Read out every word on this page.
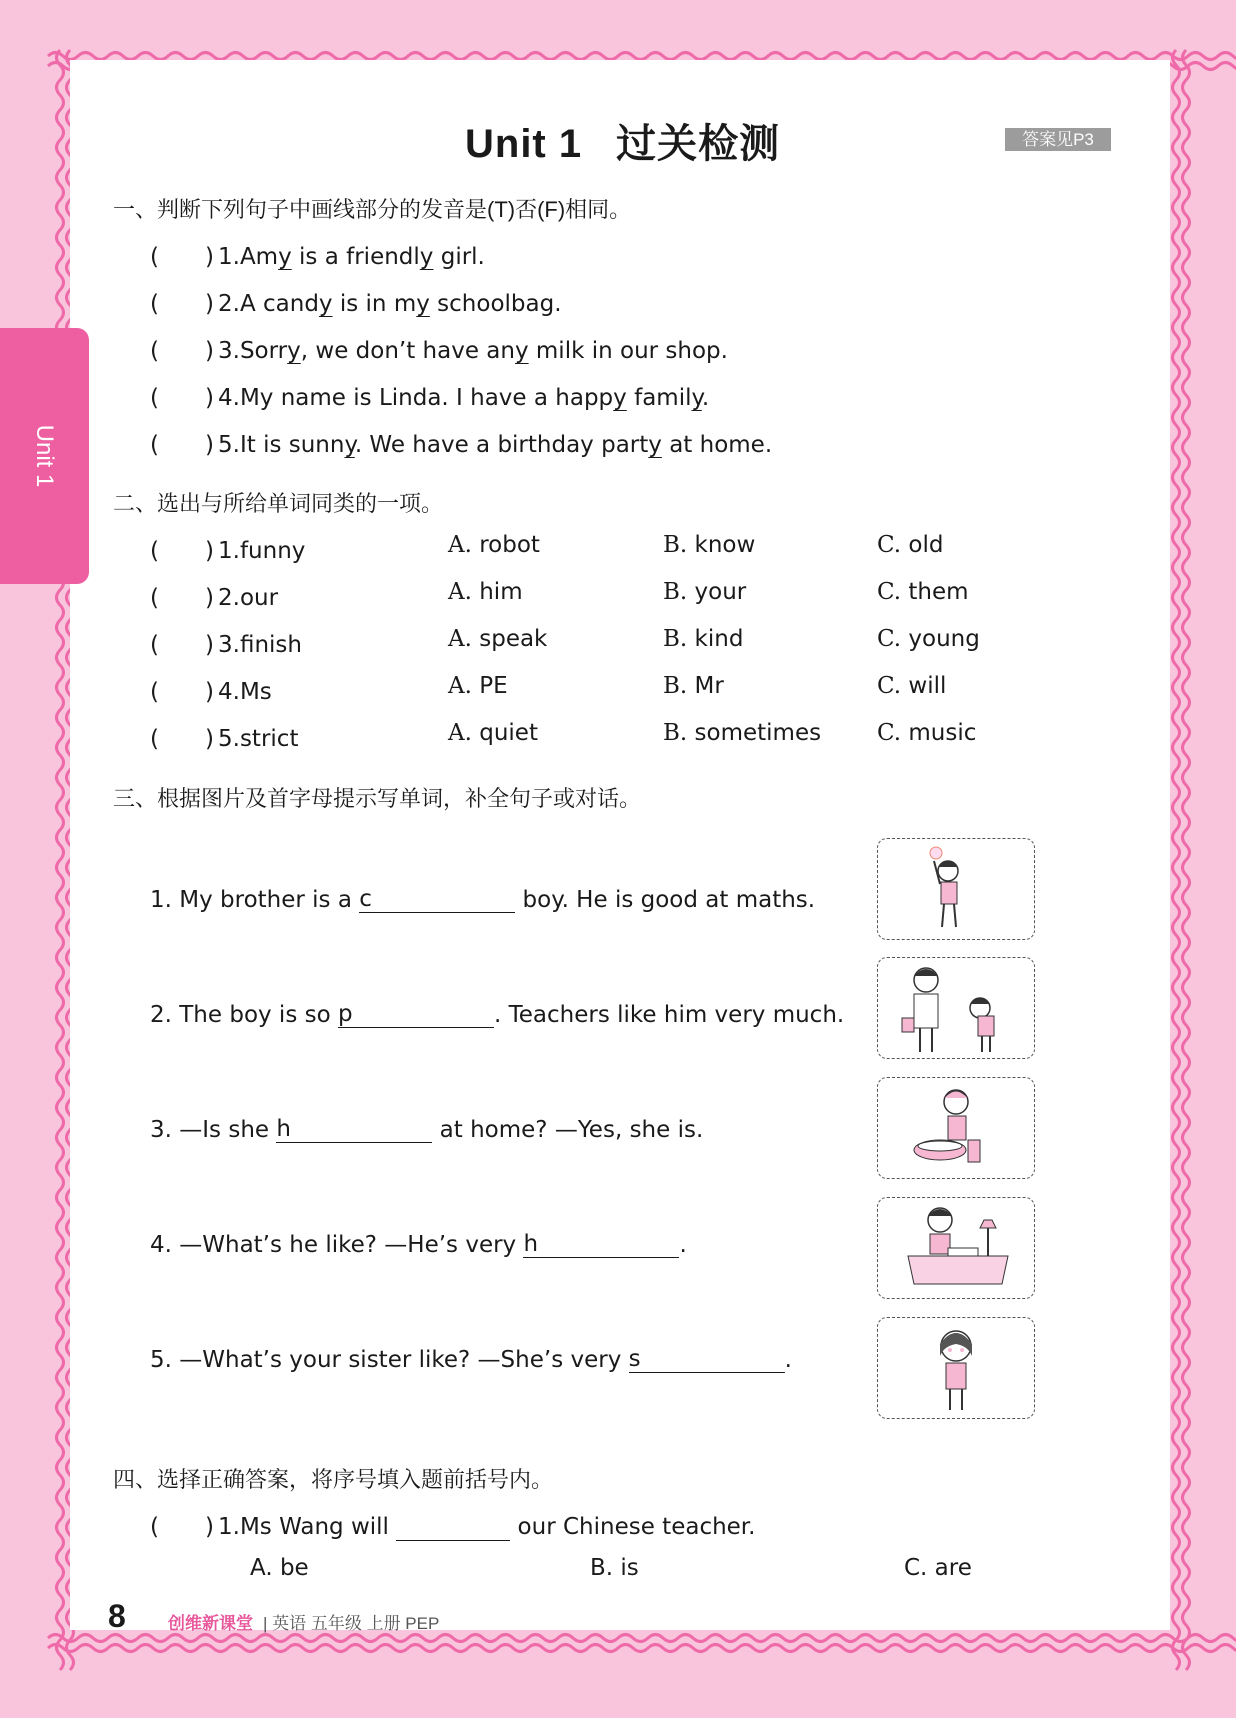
Unit 1
Unit 1 过关检测	答案见P3
一、判断下列句子中画线部分的发音是(T)否(F)相同。
(　　) 1.Amy is a friendly girl.
(　　) 2.A candy is in my schoolbag.
(　　) 3.Sorry, we don’t have any milk in our shop.
(　　) 4.My name is Linda. I have a happy family.
(　　) 5.It is sunny. We have a birthday party at home.
二、选出与所给单词同类的一项。
(　　) 1.funny	A. robot	B. know	C. old
(　　) 2.our	A. him	B. your	C. them
(　　) 3.finish	A. speak	B. kind	C. young
(　　) 4.Ms	A. PE	B. Mr	C. will
(　　) 5.strict	A. quiet	B. sometimes C. music
三、根据图片及首字母提示写单词，补全句子或对话。
1. My brother is a c	boy. He is good at maths.
2. The boy is so p	. Teachers like him very much.
3. —Is she h	at home? —Yes, she is.
4. —What’s he like? —He’s very h	.
5. —What’s your sister like? —She’s very s	.
四、选择正确答案，将序号填入题前括号内。
(　　) 1.Ms Wang will	our Chinese teacher.
A. be	B. is	C. are
8 创维新课堂 | 英语 五年级 上册 PEP
